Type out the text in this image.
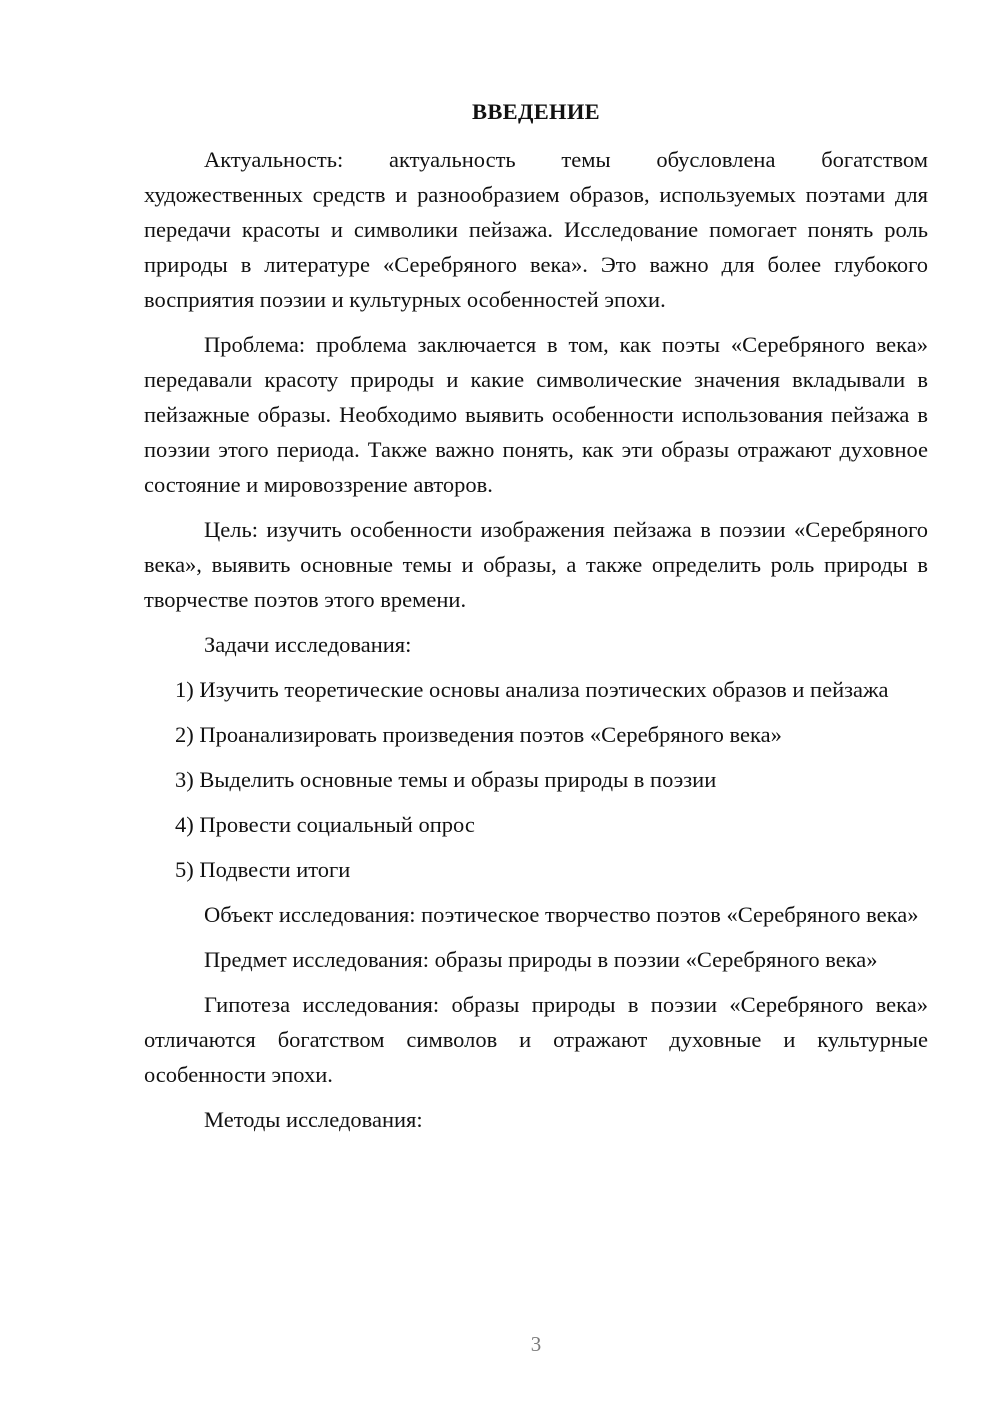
ВВЕДЕНИЕ

Актуальность: актуальность темы обусловлена богатством художественных средств и разнообразием образов, используемых поэтами для передачи красоты и символики пейзажа. Исследование помогает понять роль природы в литературе «Серебряного века». Это важно для более глубокого восприятия поэзии и культурных особенностей эпохи.

Проблема: проблема заключается в том, как поэты «Серебряного века» передавали красоту природы и какие символические значения вкладывали в пейзажные образы. Необходимо выявить особенности использования пейзажа в поэзии этого периода. Также важно понять, как эти образы отражают духовное состояние и мировоззрение авторов.

Цель: изучить особенности изображения пейзажа в поэзии «Серебряного века», выявить основные темы и образы, а также определить роль природы в творчестве поэтов этого времени.

Задачи исследования:

1) Изучить теоретические основы анализа поэтических образов и пейзажа
2) Проанализировать произведения поэтов «Серебряного века»
3) Выделить основные темы и образы природы в поэзии
4) Провести социальный опрос
5) Подвести итоги

Объект исследования: поэтическое творчество поэтов «Серебряного века»

Предмет исследования: образы природы в поэзии «Серебряного века»

Гипотеза исследования: образы природы в поэзии «Серебряного века» отличаются богатством символов и отражают духовные и культурные особенности эпохи.

Методы исследования:

3
